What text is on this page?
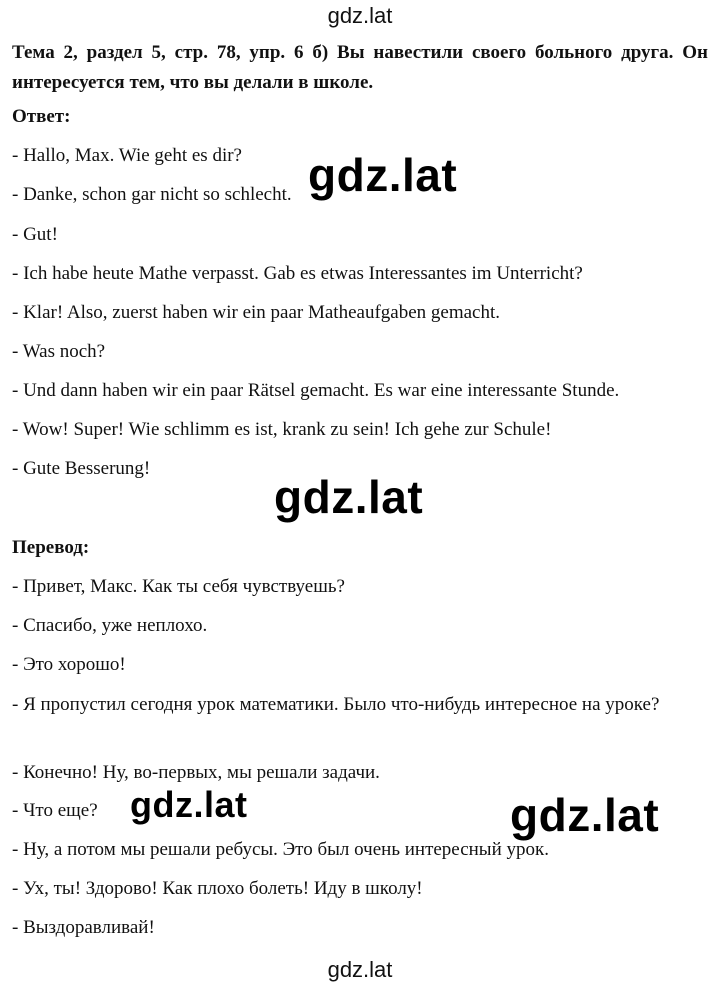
gdz.lat
Тема 2, раздел 5, стр. 78, упр. 6 б) Вы навестили своего больного друга. Он интересуется тем, что вы делали в школе.
Ответ:
- Hallo, Max. Wie geht es dir?
- Danke, schon gar nicht so schlecht.
- Gut!
- Ich habe heute Mathe verpasst. Gab es etwas Interessantes im Unterricht?
- Klar! Also, zuerst haben wir ein paar Matheaufgaben gemacht.
- Was noch?
- Und dann haben wir ein paar Rätsel gemacht. Es war eine interessante Stunde.
- Wow! Super! Wie schlimm es ist, krank zu sein! Ich gehe zur Schule!
- Gute Besserung!
Перевод:
- Привет, Макс. Как ты себя чувствуешь?
- Спасибо, уже неплохо.
- Это хорошо!
- Я пропустил сегодня урок математики. Было что-нибудь интересное на уроке?
- Конечно! Ну, во-первых, мы решали задачи.
- Что еще?
- Ну, а потом мы решали ребусы. Это был очень интересный урок.
- Ух, ты! Здорово! Как плохо болеть! Иду в школу!
- Выздоравливай!
gdz.lat
gdz.lat
gdz.lat	gdz.lat
gdz.lat
